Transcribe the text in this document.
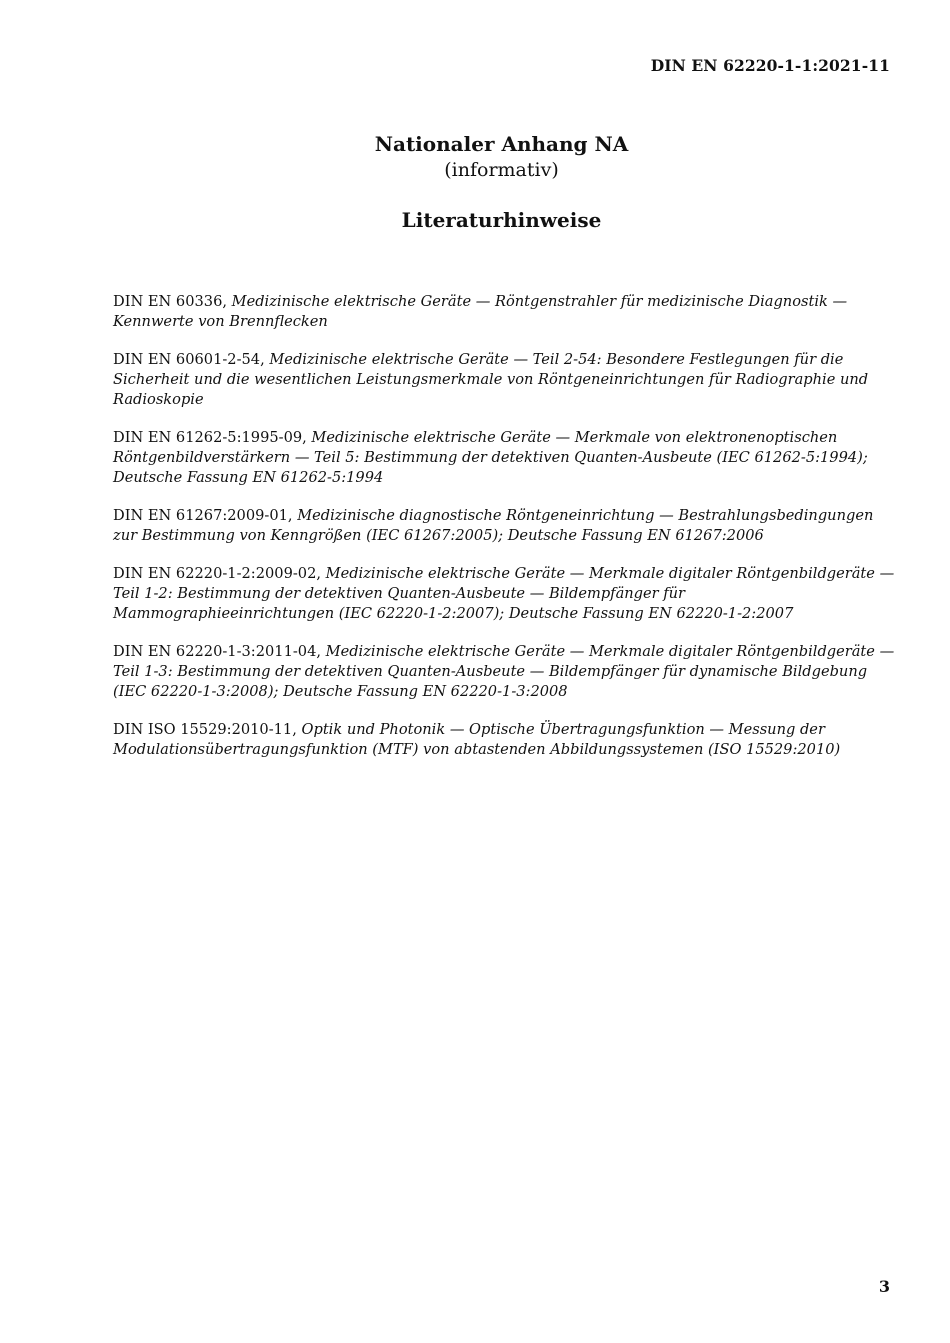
DIN EN 62220-1-1:2021-11
Nationaler Anhang NA
(informativ)
Literaturhinweise

DIN EN 60336, Medizinische elektrische Geräte — Röntgenstrahler für medizinische Diagnostik — Kennwerte von Brennflecken

DIN EN 60601-2-54, Medizinische elektrische Geräte — Teil 2-54: Besondere Festlegungen für die Sicherheit und die wesentlichen Leistungsmerkmale von Röntgeneinrichtungen für Radiographie und Radioskopie

DIN EN 61262-5:1995-09, Medizinische elektrische Geräte — Merkmale von elektronenoptischen Röntgenbildverstärkern — Teil 5: Bestimmung der detektiven Quanten-Ausbeute (IEC 61262-5:1994); Deutsche Fassung EN 61262-5:1994

DIN EN 61267:2009-01, Medizinische diagnostische Röntgeneinrichtung — Bestrahlungsbedingungen zur Bestimmung von Kenngrößen (IEC 61267:2005); Deutsche Fassung EN 61267:2006

DIN EN 62220-1-2:2009-02, Medizinische elektrische Geräte — Merkmale digitaler Röntgenbildgeräte — Teil 1-2: Bestimmung der detektiven Quanten-Ausbeute — Bildempfänger für Mammographieeinrichtungen (IEC 62220-1-2:2007); Deutsche Fassung EN 62220-1-2:2007

DIN EN 62220-1-3:2011-04, Medizinische elektrische Geräte — Merkmale digitaler Röntgenbildgeräte — Teil 1-3: Bestimmung der detektiven Quanten-Ausbeute — Bildempfänger für dynamische Bildgebung (IEC 62220-1-3:2008); Deutsche Fassung EN 62220-1-3:2008

DIN ISO 15529:2010-11, Optik und Photonik — Optische Übertragungsfunktion — Messung der Modulationsübertragungsfunktion (MTF) von abtastenden Abbildungssystemen (ISO 15529:2010)

3
